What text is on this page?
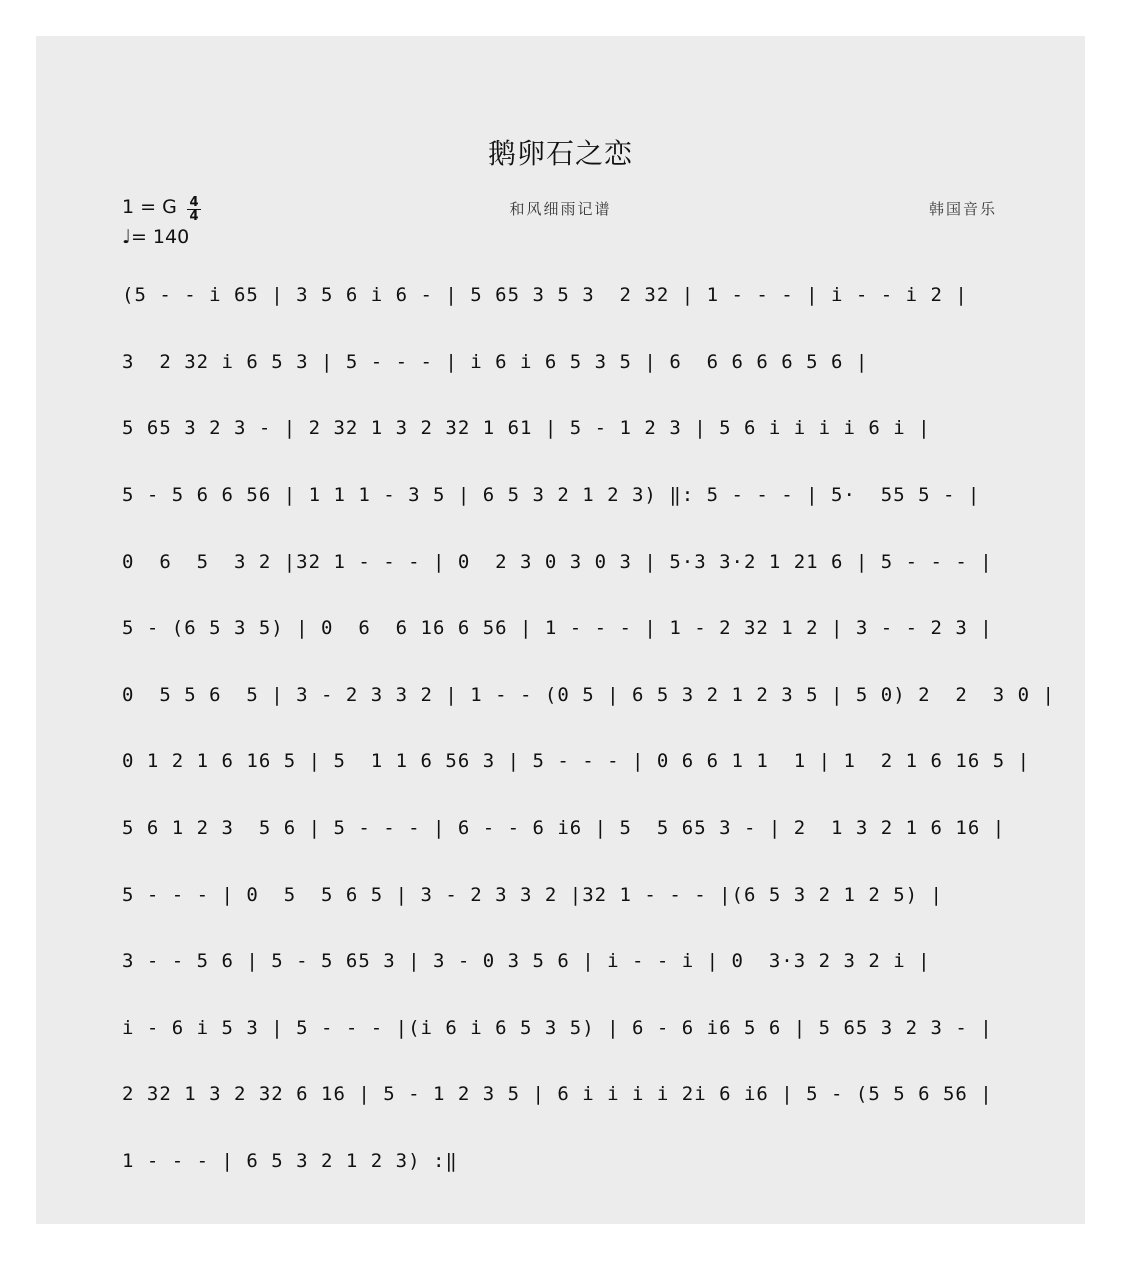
鹅卵石之恋
1 = G 4
4
♩= 140
和风细雨记谱	韩国音乐
(5 - - i 65 | 3 5 6 i 6 - | 5 65 3 5 3  2 32 | 1 - - - | i - - i 2 |
3  2 32 i 6 5 3 | 5 - - - | i 6 i 6 5 3 5 | 6  6 6 6 6 5 6 |
5 65 3 2 3 - | 2 32 1 3 2 32 1 61 | 5 - 1 2 3 | 5 6 i i i i 6 i |
5 - 5 6 6 56 | 1 1 1 - 3 5 | 6 5 3 2 1 2 3) ‖: 5 - - - | 5·  55 5 - |
0  6  5  3 2 |32 1 - - - | 0  2 3 0 3 0 3 | 5·3 3·2 1 21 6 | 5 - - - |
5 - (6 5 3 5) | 0  6  6 16 6 56 | 1 - - - | 1 - 2 32 1 2 | 3 - - 2 3 |
0  5 5 6  5 | 3 - 2 3 3 2 | 1 - - (0 5 | 6 5 3 2 1 2 3 5 | 5 0) 2  2  3 0 |
0 1 2 1 6 16 5 | 5  1 1 6 56 3 | 5 - - - | 0 6 6 1 1  1 | 1  2 1 6 16 5 |
5 6 1 2 3  5 6 | 5 - - - | 6 - - 6 i6 | 5  5 65 3 - | 2  1 3 2 1 6 16 |
5 - - - | 0  5  5 6 5 | 3 - 2 3 3 2 |32 1 - - - |(6 5 3 2 1 2 5) |
3 - - 5 6 | 5 - 5 65 3 | 3 - 0 3 5 6 | i - - i | 0  3·3 2 3 2 i |
i - 6 i 5 3 | 5 - - - |(i 6 i 6 5 3 5) | 6 - 6 i6 5 6 | 5 65 3 2 3 - |
2 32 1 3 2 32 6 16 | 5 - 1 2 3 5 | 6 i i i i 2i 6 i6 | 5 - (5 5 6 56 |
1 - - - | 6 5 3 2 1 2 3) :‖
